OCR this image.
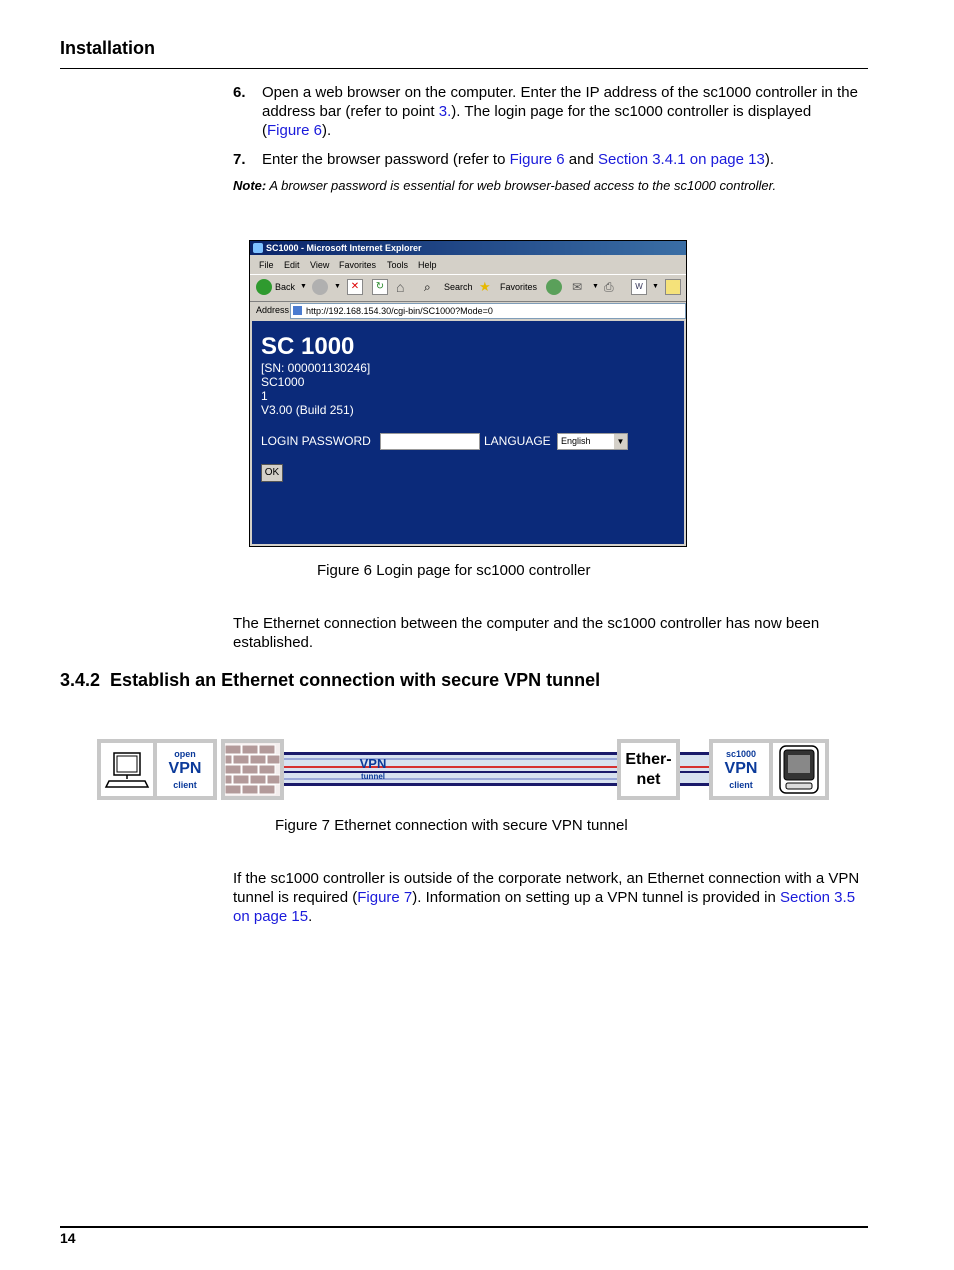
Installation
6. Open a web browser on the computer. Enter the IP address of the sc1000 controller in the address bar (refer to point 3.). The login page for the sc1000 controller is displayed (Figure 6).
7. Enter the browser password (refer to Figure 6 and Section 3.4.1 on page 13).
Note: A browser password is essential for web browser-based access to the sc1000 controller.
SC1000 - Microsoft Internet Explorer
File Edit View Favorites Tools Help
Back ▼	▼ ✕	↻ ⌂ ⌕ Search ★ Favorites	✉ ▼ ⎙	W	▼
Address http://192.168.154.30/cgi-bin/SC1000?Mode=0
SC 1000
[SN: 000001130246]
SC1000
1
V3.00 (Build 251)
LOGIN PASSWORD	LANGUAGE English	▼
OK
Figure 6 Login page for sc1000 controller
The Ethernet connection between the computer and the sc1000 controller has now been established.
3.4.2 Establish an Ethernet connection with secure VPN tunnel
VPN
tunnel
open
VPN
client
Ether-
net
sc1000
VPN
client
Figure 7 Ethernet connection with secure VPN tunnel
If the sc1000 controller is outside of the corporate network, an Ethernet connection with a VPN tunnel is required (Figure 7). Information on setting up a VPN tunnel is provided in Section 3.5 on page 15.
14
